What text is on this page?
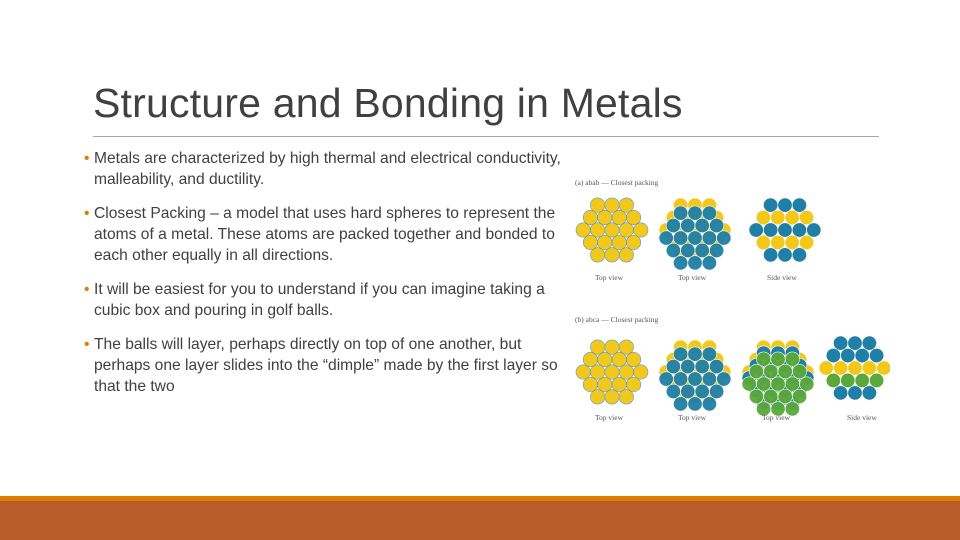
Structure and Bonding in Metals
• Metals are characterized by high thermal and electrical conductivity, malleability, and ductility.
• Closest Packing – a model that uses hard spheres to represent the atoms of a metal. These atoms are packed together and bonded to each other equally in all directions.
• It will be easiest for you to understand if you can imagine taking a cubic box and pouring in golf balls.
• The balls will layer, perhaps directly on top of one another, but perhaps one layer slides into the “dimple” made by the first layer so that the two
(a) abab — Closest packing
Top view	Top view	Side view
(b) abca — Closest packing
Top view	Top view	Top view	Side view
